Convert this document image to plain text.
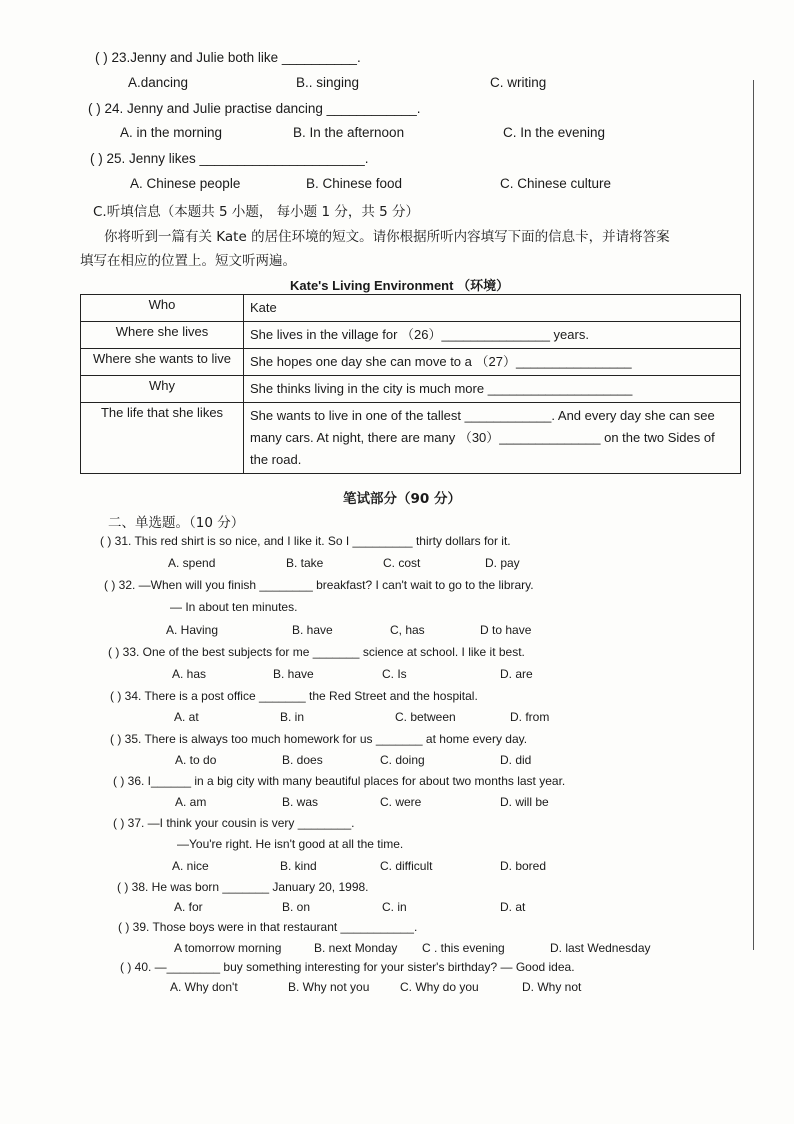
( ) 23.Jenny and Julie both like __________.
A.dancing	B.. singing	C. writing
( ) 24. Jenny and Julie practise dancing ____________.
A. in the morning	B. In the afternoon	C. In the evening
( ) 25. Jenny likes ______________________.
A. Chinese people	B. Chinese food	C. Chinese culture
C.听填信息（本题共 5 小题， 每小题 1 分，共 5 分）
你将听到一篇有关 Kate 的居住环境的短文。请你根据所听内容填写下面的信息卡，并请将答案
填写在相应的位置上。短文听两遍。
Kate's Living Environment （环境）
Who	Kate
Where she lives	She lives in the village for （26）_______________ years.
Where she wants to live	She hopes one day she can move to a （27）________________
Why	She thinks living in the city is much more ____________________
The life that she likes	She wants to live in one of the tallest ____________. And every day she can see many cars. At night, there are many （30）______________ on the two Sides of the road.
笔试部分（90 分）
二、单选题。（10 分）
( ) 31. This red shirt is so nice, and I like it. So I _________ thirty dollars for it.
A. spend	B. take	C. cost	D. pay
( ) 32. —When will you finish ________ breakfast? I can't wait to go to the library.
— In about ten minutes.
A. Having	B. have	C, has	D to have
( ) 33. One of the best subjects for me _______ science at school. I like it best.
A. has	B. have	C. Is	D. are
( ) 34. There is a post office _______ the Red Street and the hospital.
A. at	B. in	C. between	D. from
( ) 35. There is always too much homework for us _______ at home every day.
A. to do	B. does	C. doing	D. did
( ) 36. I______ in a big city with many beautiful places for about two months last year.
A. am	B. was	C. were	D. will be
( ) 37. —I think your cousin is very ________.
—You're right. He isn't good at all the time.
A. nice	B. kind	C. difficult	D. bored
( ) 38. He was born _______ January 20, 1998.
A. for	B. on	C. in	D. at
( ) 39. Those boys were in that restaurant ___________.
A tomorrow morning	B. next Monday C . this evening	D. last Wednesday
( ) 40. —________ buy something interesting for your sister's birthday? — Good idea.
A. Why don't	B. Why not you	C. Why do you	D. Why not
